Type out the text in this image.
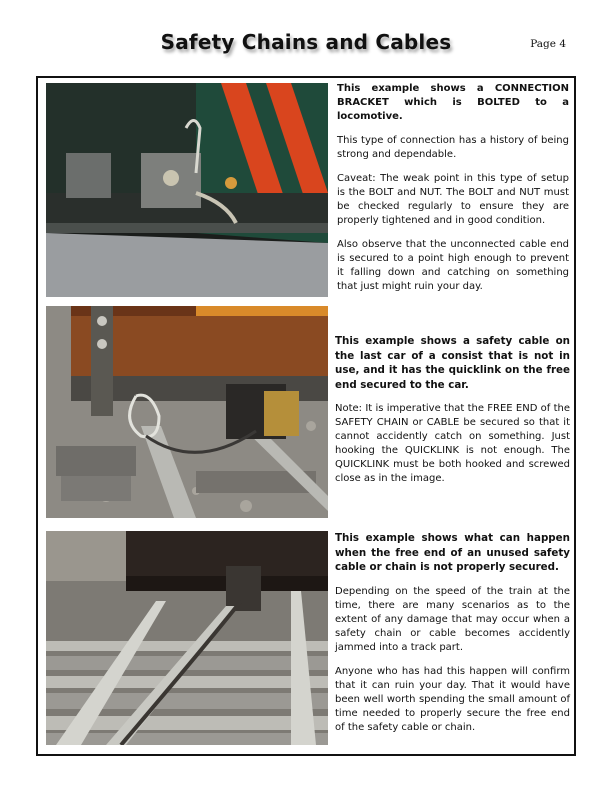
Safety Chains and Cables	Page 4

This example shows a CONNECTION BRACKET which is BOLTED to a locomotive.

This type of connection has a history of being strong and dependable.

Caveat: The weak point in this type of setup is the BOLT and NUT. The BOLT and NUT must be checked regularly to ensure they are properly tightened and in good condition.

Also observe that the unconnected cable end is secured to a point high enough to prevent it falling down and catching on something that just might ruin your day.

This example shows a safety cable on the last car of a consist that is not in use, and it has the quicklink on the free end secured to the car.

Note: It is imperative that the FREE END of the SAFETY CHAIN or CABLE be secured so that it cannot accidently catch on something. Just hooking the QUICKLINK is not enough. The QUICKLINK must be both hooked and screwed close as in the image.

This example shows what can happen when the free end of an unused safety cable or chain is not properly secured.

Depending on the speed of the train at the time, there are many scenarios as to the extent of any damage that may occur when a safety chain or cable becomes accidently jammed into a track part.

Anyone who has had this happen will confirm that it can ruin your day. That it would have been well worth spending the small amount of time needed to properly secure the free end of the safety cable or chain.
